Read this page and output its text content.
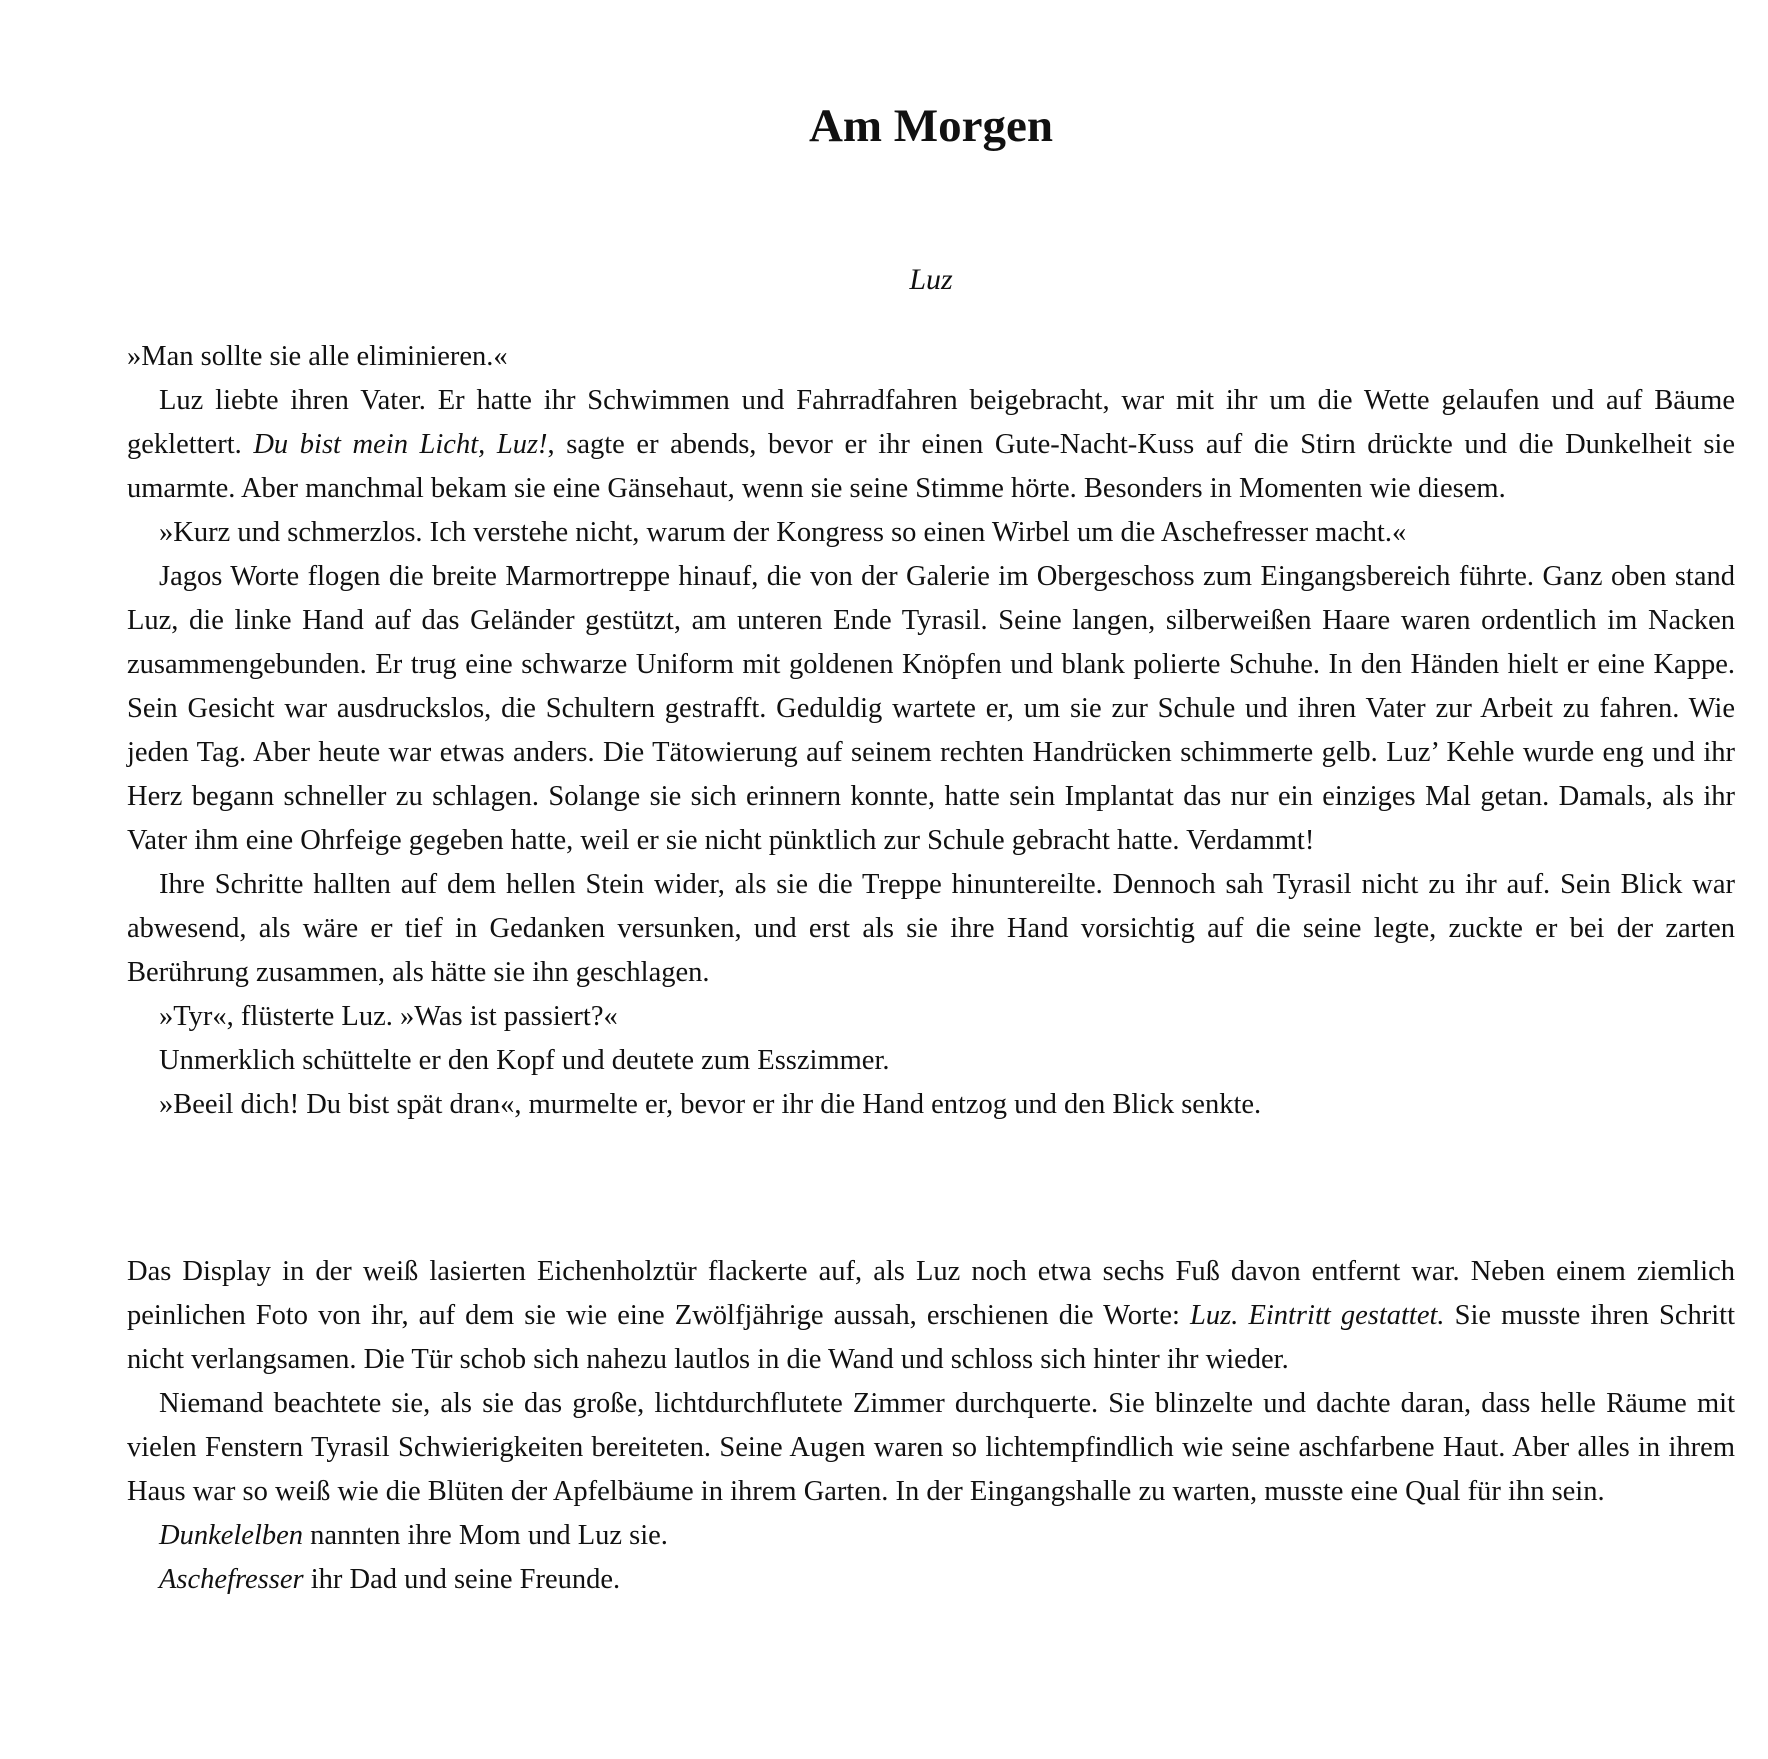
Am Morgen
Luz

»Man sollte sie alle eliminieren.«

Luz liebte ihren Vater. Er hatte ihr Schwimmen und Fahrradfahren beigebracht, war mit ihr um die Wette gelaufen und auf Bäume geklettert. Du bist mein Licht, Luz!, sagte er abends, bevor er ihr einen Gute-Nacht-Kuss auf die Stirn drückte und die Dunkelheit sie umarmte. Aber manchmal bekam sie eine Gänsehaut, wenn sie seine Stimme hörte. Besonders in Momenten wie diesem.

»Kurz und schmerzlos. Ich verstehe nicht, warum der Kongress so einen Wirbel um die Aschefresser macht.«

Jagos Worte flogen die breite Marmortreppe hinauf, die von der Galerie im Obergeschoss zum Eingangsbereich führte. Ganz oben stand Luz, die linke Hand auf das Geländer gestützt, am unteren Ende Tyrasil. Seine langen, silberweißen Haare waren ordentlich im Nacken zusammengebunden. Er trug eine schwarze Uniform mit goldenen Knöpfen und blank polierte Schuhe. In den Händen hielt er eine Kappe. Sein Gesicht war ausdruckslos, die Schultern gestrafft. Geduldig wartete er, um sie zur Schule und ihren Vater zur Arbeit zu fahren. Wie jeden Tag. Aber heute war etwas anders. Die Tätowierung auf seinem rechten Handrücken schimmerte gelb. Luz’ Kehle wurde eng und ihr Herz begann schneller zu schlagen. Solange sie sich erinnern konnte, hatte sein Implantat das nur ein einziges Mal getan. Damals, als ihr Vater ihm eine Ohrfeige gegeben hatte, weil er sie nicht pünktlich zur Schule gebracht hatte. Verdammt!

Ihre Schritte hallten auf dem hellen Stein wider, als sie die Treppe hinuntereilte. Dennoch sah Tyrasil nicht zu ihr auf. Sein Blick war abwesend, als wäre er tief in Gedanken versunken, und erst als sie ihre Hand vorsichtig auf die seine legte, zuckte er bei der zarten Berührung zusammen, als hätte sie ihn geschlagen.

»Tyr«, flüsterte Luz. »Was ist passiert?«

Unmerklich schüttelte er den Kopf und deutete zum Esszimmer.

»Beeil dich! Du bist spät dran«, murmelte er, bevor er ihr die Hand entzog und den Blick senkte.

Das Display in der weiß lasierten Eichenholztür flackerte auf, als Luz noch etwa sechs Fuß davon entfernt war. Neben einem ziemlich peinlichen Foto von ihr, auf dem sie wie eine Zwölfjährige aussah, erschienen die Worte: Luz. Eintritt gestattet. Sie musste ihren Schritt nicht verlangsamen. Die Tür schob sich nahezu lautlos in die Wand und schloss sich hinter ihr wieder.

Niemand beachtete sie, als sie das große, lichtdurchflutete Zimmer durchquerte. Sie blinzelte und dachte daran, dass helle Räume mit vielen Fenstern Tyrasil Schwierigkeiten bereiteten. Seine Augen waren so lichtempfindlich wie seine aschfarbene Haut. Aber alles in ihrem Haus war so weiß wie die Blüten der Apfelbäume in ihrem Garten. In der Eingangshalle zu warten, musste eine Qual für ihn sein.

Dunkelelben nannten ihre Mom und Luz sie.

Aschefresser ihr Dad und seine Freunde.
